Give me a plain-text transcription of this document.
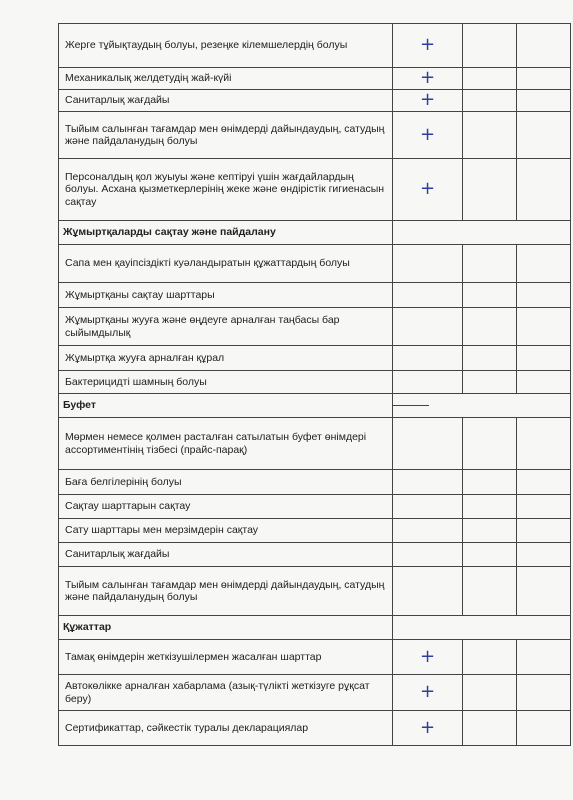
Жерге тұйықтаудың болуы, резеңке кілемшелердің болуы	+		

Механикалық желдетудің жай-күйі	+		

Санитарлық жағдайы	+		

Тыйым салынған тағамдар мен өнімдерді дайындаудың, сатудың және пайдаланудың болуы	+		

Персоналдың қол жуыуы және кептіруі үшін жағдайлардың болуы. Асхана қызметкерлерінің жеке және өндірістік гигиенасын сақтау	+		

Жұмыртқаларды сақтау және пайдалану			
Сапа мен қауіпсіздікті куәландыратын құжаттардың болуы			
Жұмыртқаны сақтау шарттары			
Жұмыртқаны жууға және өңдеуге арналған таңбасы бар сыйымдылық			
Жұмыртқа жууға арналған құрал			
Бактерицидті шамның болуы			
Буфет			

Мөрмен немесе қолмен расталған сатылатын буфет өнімдері ассортиментінің тізбесі (прайс-парақ)			
Баға белгілерінің болуы			
Сақтау шарттарын сақтау			
Сату шарттары мен мерзімдерін сақтау			
Санитарлық жағдайы			
Тыйым салынған тағамдар мен өнімдерді дайындаудың, сатудың және пайдаланудың болуы			
Құжаттар			
Тамақ өнімдерін жеткізушілермен жасалған шарттар	+		

Автокөлікке арналған хабарлама (азық-түлікті жеткізуге рұқсат беру)	+		

Сертификаттар, сәйкестік туралы декларациялар	+		
